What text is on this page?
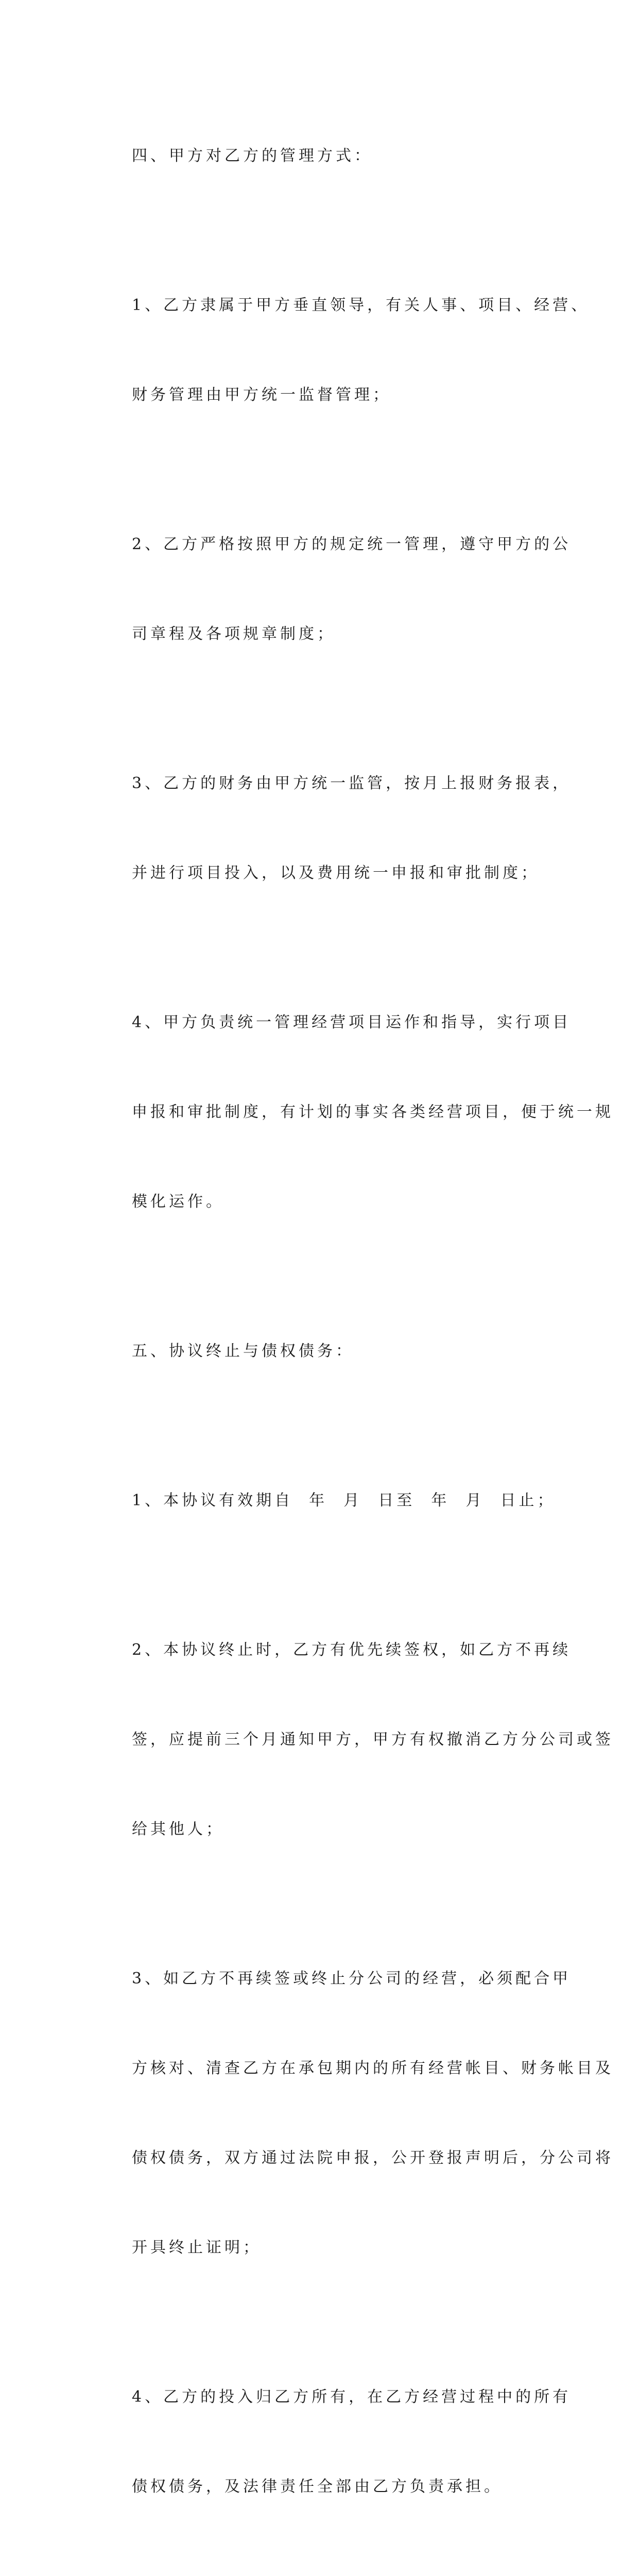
四、甲方对乙方的管理方式：

1、乙方隶属于甲方垂直领导，有关人事、项目、经营、

财务管理由甲方统一监督管理；

2、乙方严格按照甲方的规定统一管理，遵守甲方的公

司章程及各项规章制度；

3、乙方的财务由甲方统一监管，按月上报财务报表，

并进行项目投入，以及费用统一申报和审批制度；

4、甲方负责统一管理经营项目运作和指导，实行项目

申报和审批制度，有计划的事实各类经营项目，便于统一规

模化运作。

五、协议终止与债权债务：

1、本协议有效期自  年  月  日至  年  月  日止；

2、本协议终止时，乙方有优先续签权，如乙方不再续

签，应提前三个月通知甲方，甲方有权撤消乙方分公司或签

给其他人；

3、如乙方不再续签或终止分公司的经营，必须配合甲

方核对、清查乙方在承包期内的所有经营帐目、财务帐目及

债权债务，双方通过法院申报，公开登报声明后，分公司将

开具终止证明；

4、乙方的投入归乙方所有，在乙方经营过程中的所有

债权债务，及法律责任全部由乙方负责承担。
